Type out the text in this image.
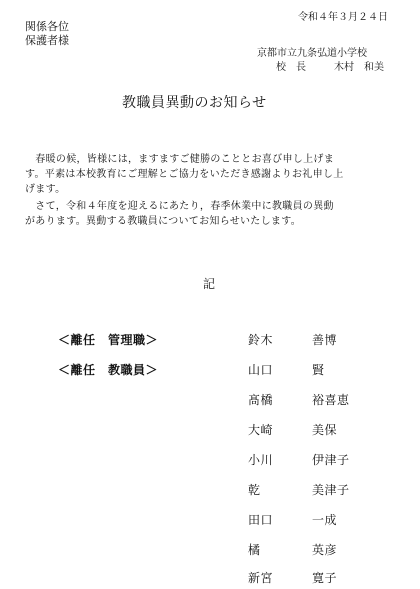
令和４年３月２４日
関係各位
保護者様
京都市立九条弘道小学校
校　長	木村　和美
教職員異動のお知らせ
　春暖の候，皆様には，ますますご健勝のこととお喜び申し上げま
す。平素は本校教育にご理解とご協力をいただき感謝よりお礼申し上
げます。
　さて，令和４年度を迎えるにあたり，春季休業中に教職員の異動
があります。異動する教職員についてお知らせいたします。
記
＜離任　管理職＞
＜離任　教職員＞
鈴木	善博
山口	賢
髙橋	裕喜恵
大崎	美保
小川	伊津子
乾	美津子
田口	一成
橘	英彦
新宮	寛子
